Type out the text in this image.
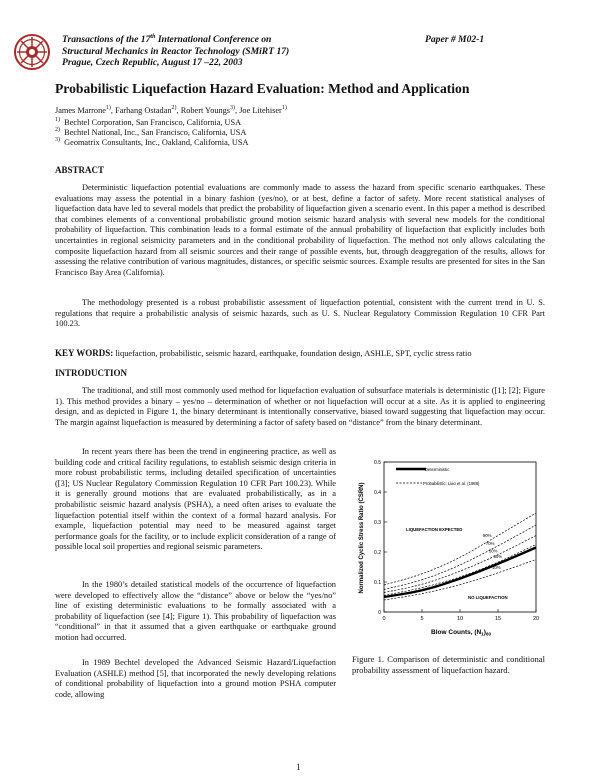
Transactions of the 17th International Conference on
Structural Mechanics in Reactor Technology (SMiRT 17)
Prague, Czech Republic, August 17 –22, 2003
Paper # M02-1
Probabilistic Liquefaction Hazard Evaluation: Method and Application
James Marrone$^{1)}$, Farhang Ostadan$^{2)}$, Robert Youngs$^{3)}$, Joe Litehiser$^{1)}$
$^{1)}$ Bechtel Corporation, San Francisco, California, USA
$^{2)}$ Bechtel National, Inc., San Francisco, California, USA
$^{3)}$ Geomatrix Consultants, Inc., Oakland, California, USA
ABSTRACT
Deterministic liquefaction potential evaluations are commonly made to assess the hazard from specific scenario earthquakes. These evaluations may assess the potential in a binary fashion (yes/no), or at best, define a factor of safety. More recent statistical analyses of liquefaction data have led to several models that predict the probability of liquefaction given a scenario event. In this paper a method is described that combines elements of a conventional probabilistic ground motion seismic hazard analysis with several new models for the conditional probability of liquefaction. This combination leads to a formal estimate of the annual probability of liquefaction that explicitly includes both uncertainties in regional seismicity parameters and in the conditional probability of liquefaction. The method not only allows calculating the composite liquefaction hazard from all seismic sources and their range of possible events, but, through deaggregation of the results, allows for assessing the relative contribution of various magnitudes, distances, or specific seismic sources. Example results are presented for sites in the San Francisco Bay Area (California).
The methodology presented is a robust probabilistic assessment of liquefaction potential, consistent with the current trend in U. S. regulations that require a probabilistic analysis of seismic hazards, such as U. S. Nuclear Regulatory Commission Regulation 10 CFR Part 100.23.
KEY WORDS: liquefaction, probabilistic, seismic hazard, earthquake, foundation design, ASHLE, SPT, cyclic stress ratio
INTRODUCTION
The traditional, and still most commonly used method for liquefaction evaluation of subsurface materials is deterministic ([1]; [2]; Figure 1). This method provides a binary – yes/no – determination of whether or not liquefaction will occur at a site. As it is applied to engineering design, and as depicted in Figure 1, the binary determinant is intentionally conservative, biased toward suggesting that liquefaction may occur. The margin against liquefaction is measured by determining a factor of safety based on “distance” from the binary determinant.
In recent years there has been the trend in engineering practice, as well as building code and critical facility regulations, to establish seismic design criteria in more robust probabilistic terms, including detailed specification of uncertainties ([3]; US Nuclear Regulatory Commission Regulation 10 CFR Part 100.23). While it is generally ground motions that are evaluated probabilistically, as in a probabilistic seismic hazard analysis (PSHA), a need often arises to evaluate the liquefaction potential itself within the context of a formal hazard analysis. For example, liquefaction potential may need to be measured against target performance goals for the facility, or to include explicit consideration of a range of possible local soil properties and regional seismic parameters.
In the 1980’s detailed statistical models of the occurrence of liquefaction were developed to effectively allow the “distance” above or below the “yes/no” line of existing deterministic evaluations to be formally associated with a probability of liquefaction (see [4]; Figure 1). This probability of liquefaction was “conditional” in that it assumed that a given earthquake or earthquake ground motion had occurred.
In 1989 Bechtel developed the Advanced Seismic Hazard/Liquefaction Evaluation (ASHLE) method [5], that incorporated the newly developing relations of conditional probability of liquefaction into a ground motion PSHA computer code, allowing
Normalized Cyclic Stress Ratio (CSRN)
Blow Counts, $(N_1)_{60}$
Deterministic
Probabilistic: Liao et al. (1988)
LIQUEFACTION EXPECTED
NO LIQUEFACTION
0
0.1
0.2
0.3
0.4
0.5
0	5	10	15	20
90%
70%
50%
30%
10%
Figure 1. Comparison of deterministic and conditional probability assessment of liquefaction hazard.
1
